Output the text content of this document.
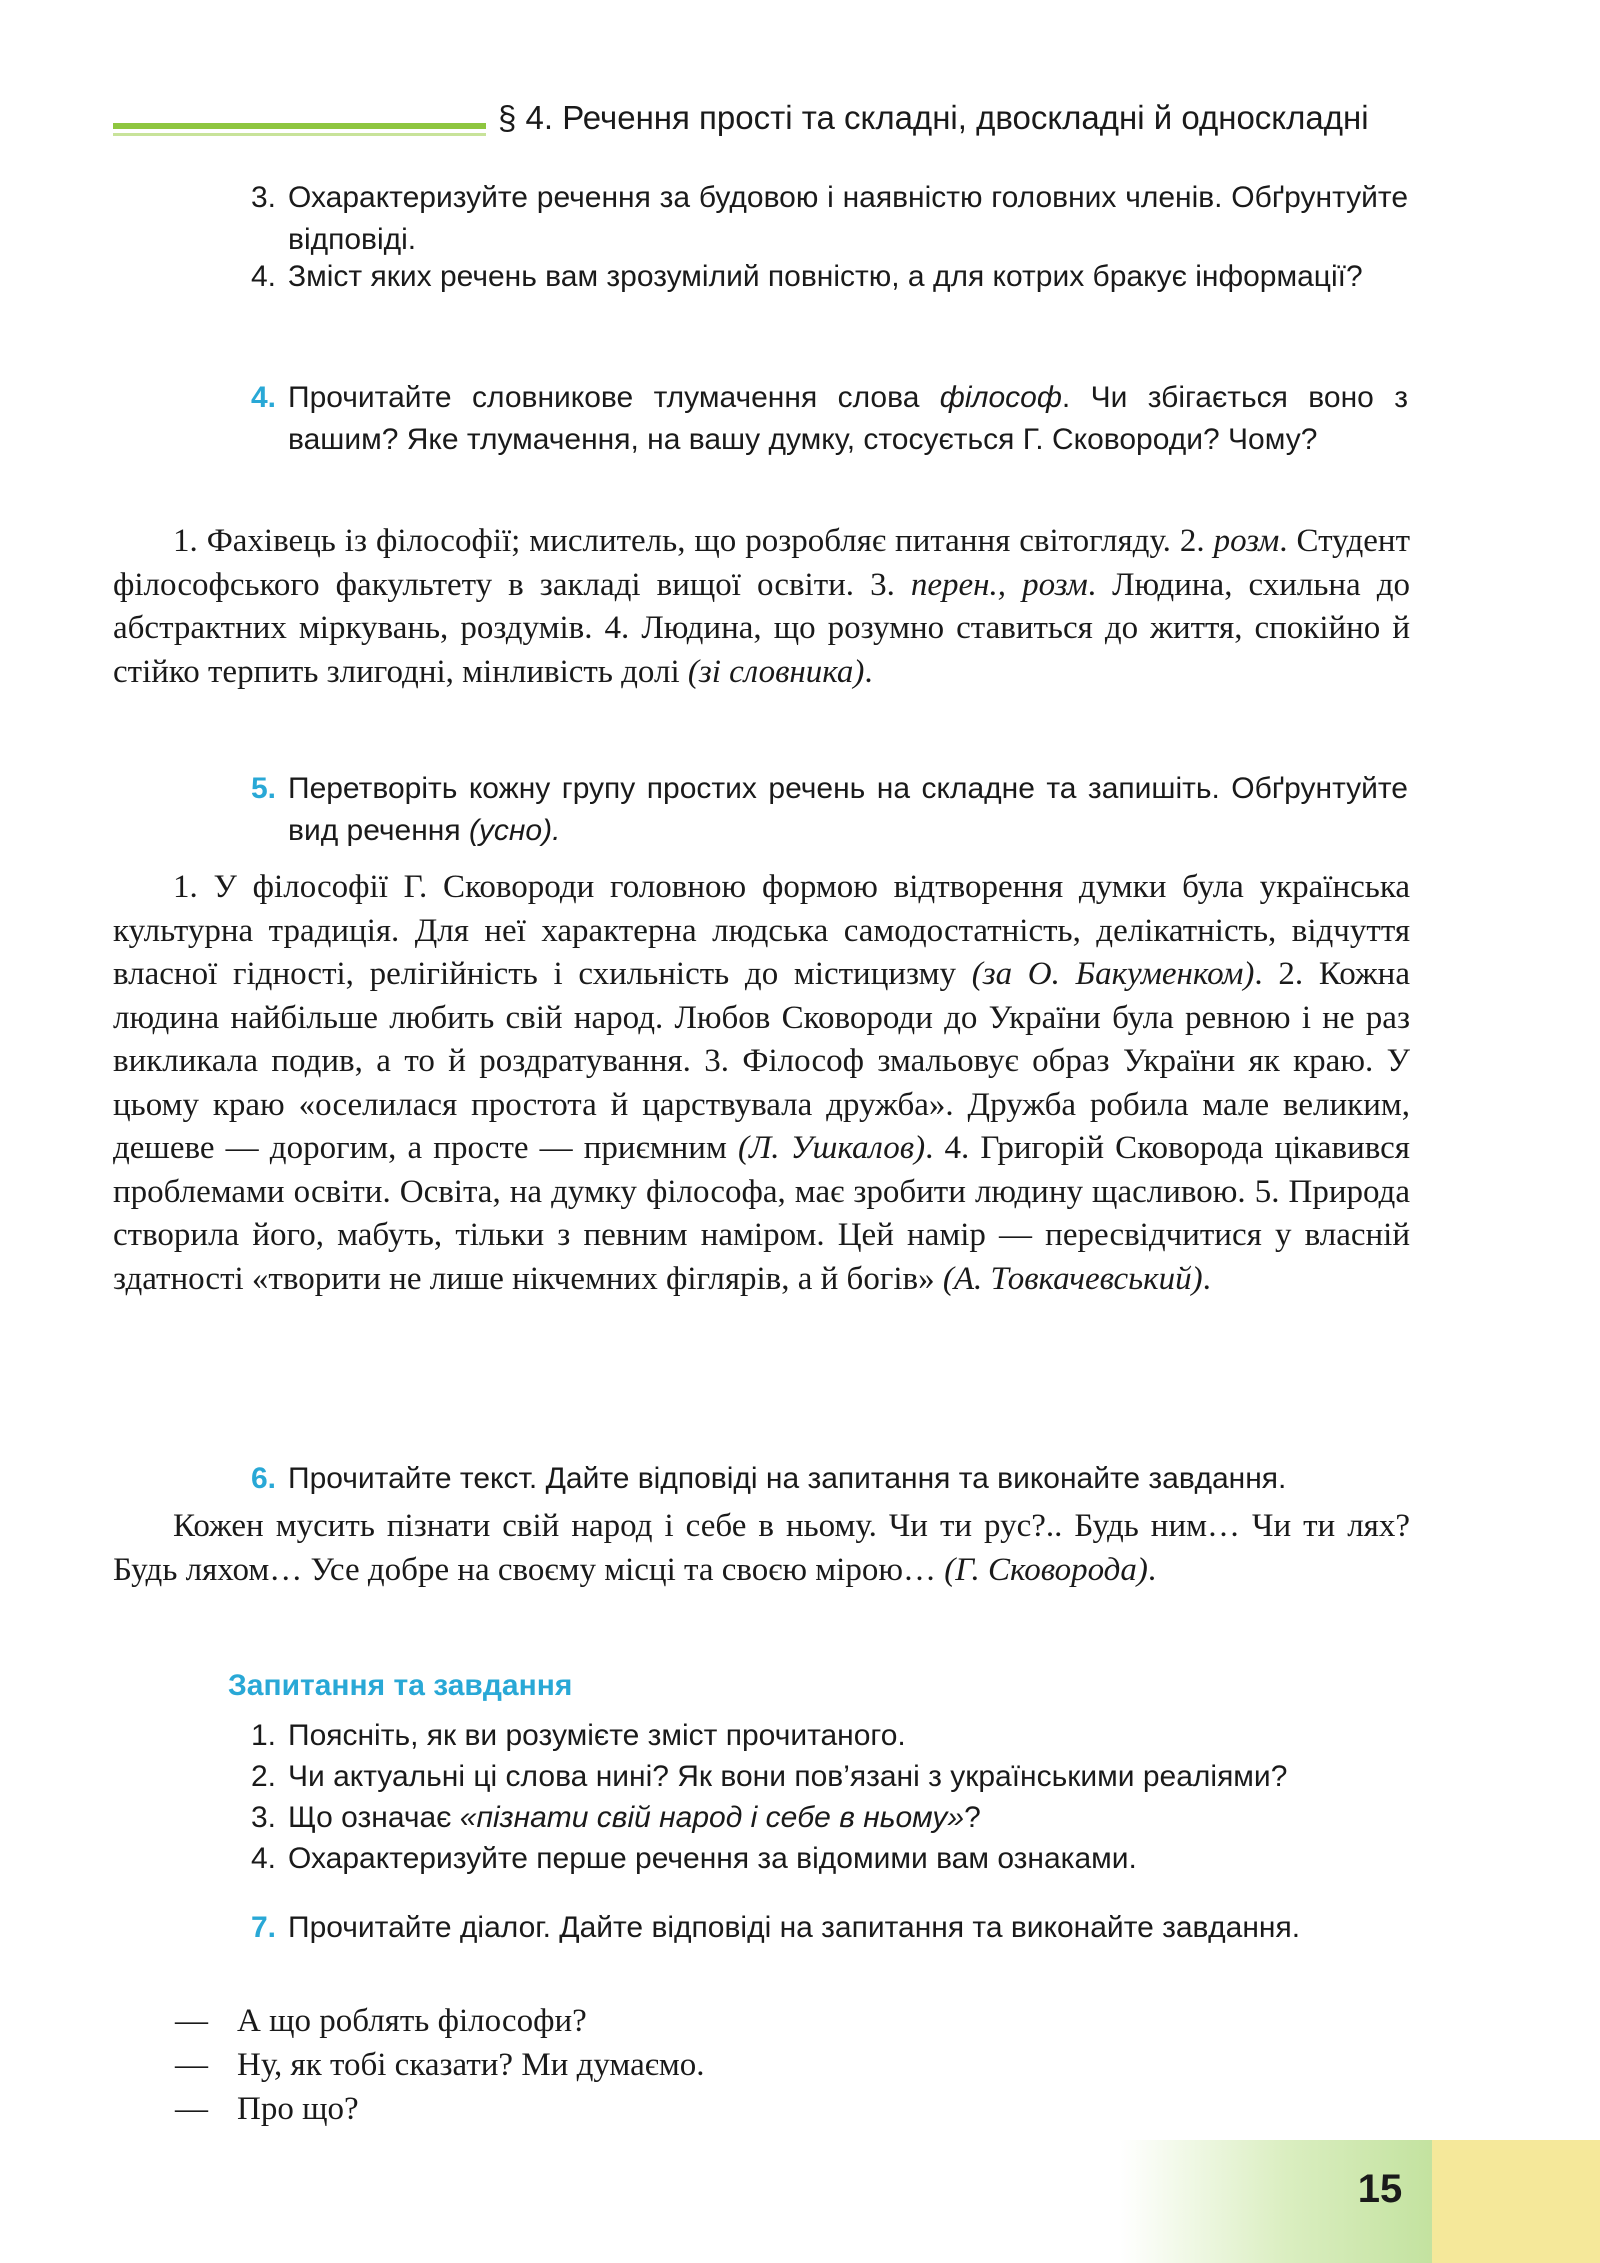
§ 4. Речення прості та складні, двоскладні й односкладні
3. Охарактеризуйте речення за будовою і наявністю головних членів. Обґрунтуйте відповіді.
4. Зміст яких речень вам зрозумілий повністю, а для котрих бракує інформації?
4. Прочитайте словникове тлумачення слова філософ. Чи збігається воно з вашим? Яке тлумачення, на вашу думку, стосується Г. Сковороди? Чому?
1. Фахівець із філософії; мислитель, що розробляє питання світогляду. 2. розм. Студент філософського факультету в закладі вищої освіти. 3. перен., розм. Людина, схильна до абстрактних міркувань, роздумів. 4. Людина, що розумно ставиться до життя, спокійно й стійко терпить злигодні, мінливість долі (зі словника).
5. Перетворіть кожну групу простих речень на складне та запишіть. Обґрунтуйте вид речення (усно).
1. У філософії Г. Сковороди головною формою відтворення думки була українська культурна традиція. Для неї характерна людська самодостатність, делікатність, відчуття власної гідності, релігійність і схильність до містицизму (за О. Бакуменком). 2. Кожна людина найбільше любить свій народ. Любов Сковороди до України була ревною і не раз викликала подив, а то й роздратування. 3. Філософ змальовує образ України як краю. У цьому краю «оселилася простота й царствувала дружба». Дружба робила мале великим, дешеве — дорогим, а просте — приємним (Л. Ушкалов). 4. Григорій Сковорода цікавився проблемами освіти. Освіта, на думку філософа, має зробити людину щасливою. 5. Природа створила його, мабуть, тільки з певним наміром. Цей намір — пересвідчитися у власній здатності «творити не лише нікчемних фіглярів, а й богів» (А. Товкачевський).
6. Прочитайте текст. Дайте відповіді на запитання та виконайте завдання.
Кожен мусить пізнати свій народ і себе в ньому. Чи ти рус?.. Будь ним… Чи ти лях? Будь ляхом… Усе добре на своєму місці та своєю мірою… (Г. Сковорода).
Запитання та завдання
1. Поясніть, як ви розумієте зміст прочитаного.
2. Чи актуальні ці слова нині? Як вони пов’язані з українськими реаліями?
3. Що означає «пізнати свій народ і себе в ньому»?
4. Охарактеризуйте перше речення за відомими вам ознаками.
7. Прочитайте діалог. Дайте відповіді на запитання та виконайте завдання.
— А що роблять філософи?
— Ну, як тобі сказати? Ми думаємо.
— Про що?
15
